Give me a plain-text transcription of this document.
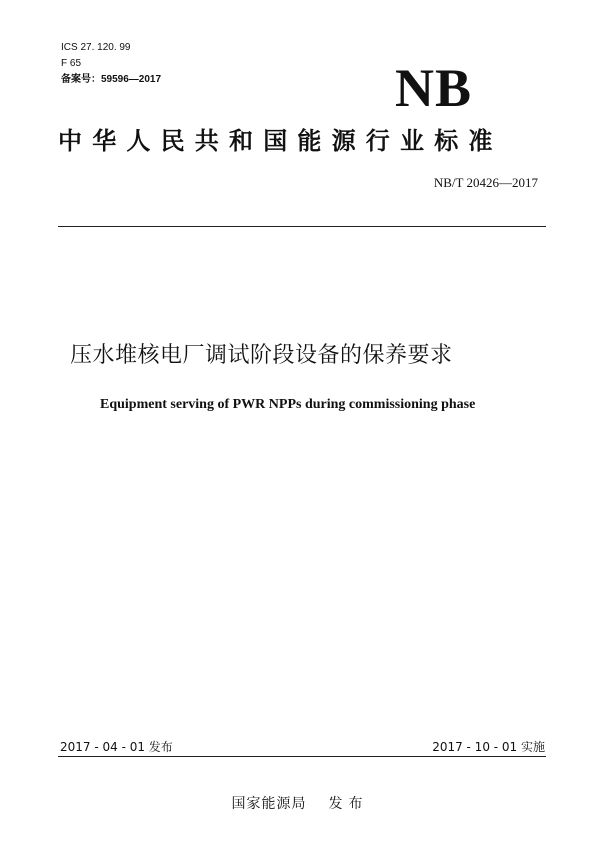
ICS 27. 120. 99
F 65
备案号：59596—2017	NB
中华人民共和国能源行业标准
NB/T 20426—2017
压水堆核电厂调试阶段设备的保养要求
Equipment serving of PWR NPPs during commissioning phase
2017 - 04 - 01 发布	2017 - 10 - 01 实施
国家能源局 发布
